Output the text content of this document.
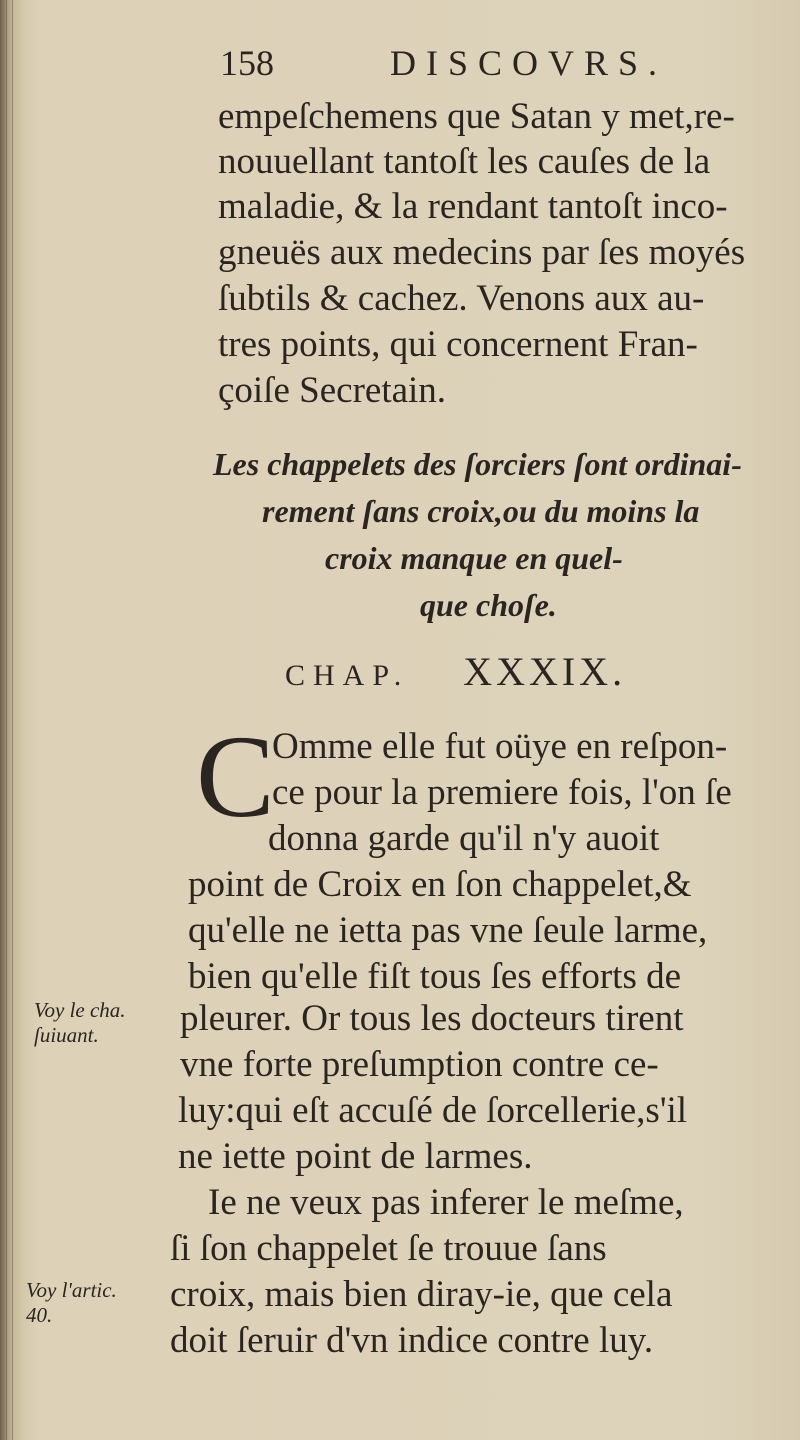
158	DISCOVRS.
empeſchemens que Satan y met,re-
nouuellant tantoſt les cauſes de la
maladie, & la rendant tantoſt inco-
gneuës aux medecins par ſes moyés
ſubtils & cachez. Venons aux au-
tres points, qui concernent Fran-
çoiſe Secretain.
Les chappelets des ſorciers ſont ordinai-
rement ſans croix,ou du moins la
croix manque en quel-
que choſe.
CHAP. XXXIX.
C
Omme elle fut oüye en reſpon-
ce pour la premiere fois, l'on ſe
donna garde qu'il n'y auoit
point de Croix en ſon chappelet,&
qu'elle ne ietta pas vne ſeule larme,
bien qu'elle fiſt tous ſes efforts de
pleurer. Or tous les docteurs tirent
vne forte preſumption contre ce-
luy:qui eſt accuſé de ſorcellerie,s'il
ne iette point de larmes.
Ie ne veux pas inferer le meſme,
ſi ſon chappelet ſe trouue ſans
croix, mais bien diray-ie, que cela
doit ſeruir d'vn indice contre luy.
Voy le cha.
ſuiuant.
Voy l'artic.
40.
